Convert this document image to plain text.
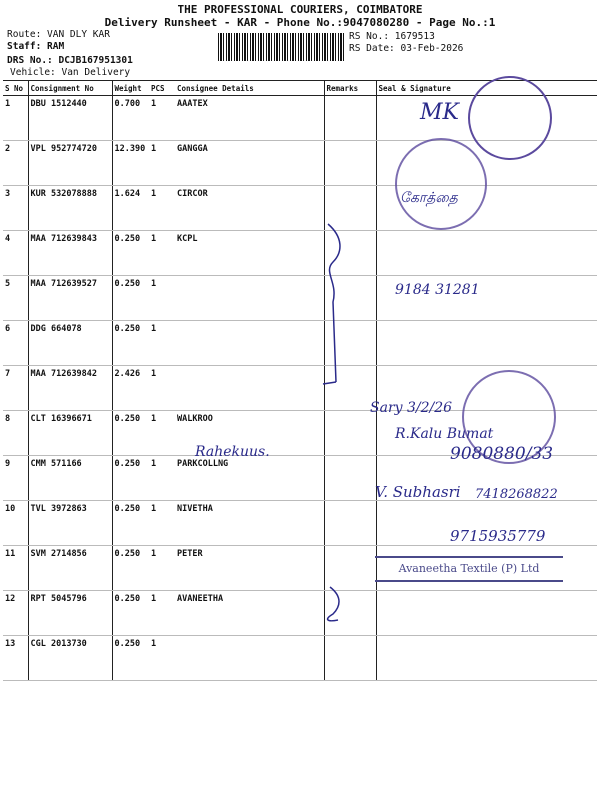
THE PROFESSIONAL COURIERS, COIMBATORE
Delivery Runsheet - KAR - Phone No.:9047080280 - Page No.:1
Route: VAN DLY KAR
Staff: RAM
DRS No.: DCJB167951301
Vehicle: Van Delivery
RS No.: 1679513
RS Date: 03-Feb-2026
S No	Consignment No	Weight	PCS	Consignee Details	Remarks	Seal & Signature
1	DBU 1512440	0.700	1	AAATEX		
2	VPL 952774720	12.390	1	GANGGA		
3	KUR 532078888	1.624	1	CIRCOR		
4	MAA 712639843	0.250	1	KCPL		
5	MAA 712639527	0.250	1			
6	DDG 664078	0.250	1			
7	MAA 712639842	2.426	1			
8	CLT 16396671	0.250	1	WALKROO		
9	CMM 571166	0.250	1	PARKCOLLNG		
10	TVL 3972863	0.250	1	NIVETHA		
11	SVM 2714856	0.250	1	PETER		
12	RPT 5045796	0.250	1	AVANEETHA		
13	CGL 2013730	0.250	1			
MK
கோத்தை
9184 31281
Sary 3/2/26
R.Kalu Bumat
9080880/33
Rahekuus.
V. Subhasri 7418268822
9715935779
Avaneetha Textile (P) Ltd
